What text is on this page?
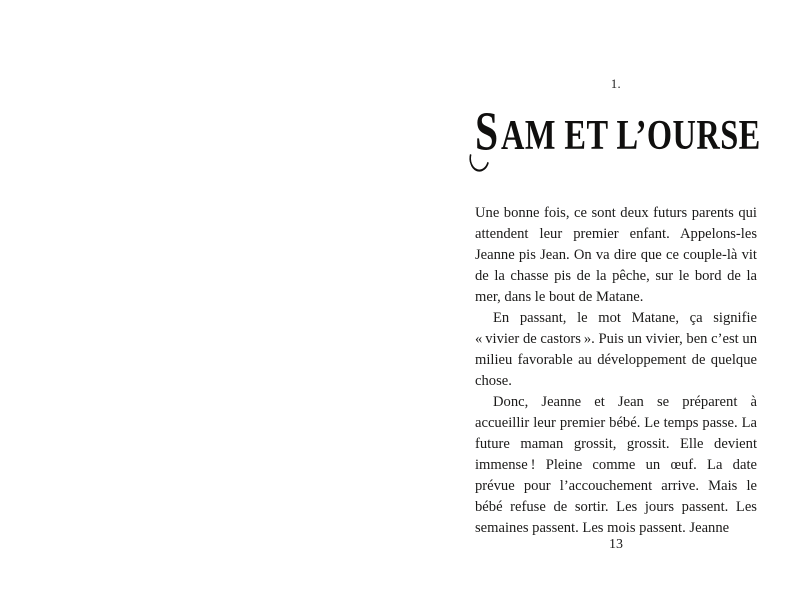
1.
S AM ET L’OURSE

Une bonne fois, ce sont deux futurs parents qui attendent leur premier enfant. Appelons-les Jeanne pis Jean. On va dire que ce couple-là vit de la chasse pis de la pêche, sur le bord de la mer, dans le bout de Matane.

En passant, le mot Matane, ça signifie « vivier de castors ». Puis un vivier, ben c’est un milieu favorable au développement de quelque chose.

Donc, Jeanne et Jean se préparent à accueillir leur premier bébé. Le temps passe. La future maman grossit, grossit. Elle devient immense ! Pleine comme un œuf. La date prévue pour l’accouchement arrive. Mais le bébé refuse de sortir. Les jours passent. Les semaines passent. Les mois passent. Jeanne

13
